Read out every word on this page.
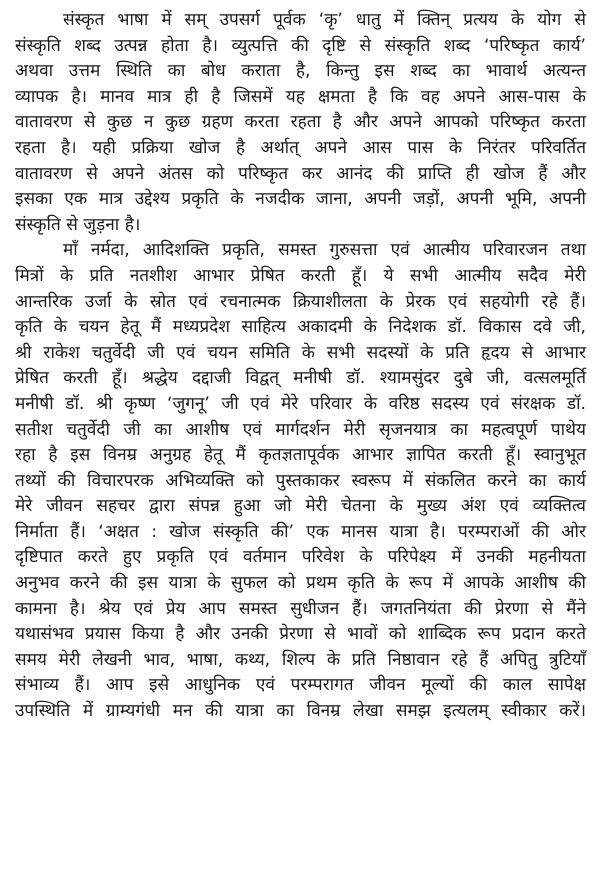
संस्कृत भाषा में सम् उपसर्ग पूर्वक ‘कृ’ धातु में क्तिन् प्रत्यय के योग से
संस्कृति शब्द उत्पन्न होता है। व्युत्पत्ति की दृष्टि से संस्कृति शब्द ‘परिष्कृत कार्य’
अथवा उत्तम स्थिति का बोध कराता है, किन्तु इस शब्द का भावार्थ अत्यन्त
व्यापक है। मानव मात्र ही है जिसमें यह क्षमता है कि वह अपने आस-पास के
वातावरण से कुछ न कुछ ग्रहण करता रहता है और अपने आपको परिष्कृत करता
रहता है। यही प्रक्रिया खोज है अर्थात् अपने आस पास के निरंतर परिवर्तित
वातावरण से अपने अंतस को परिष्कृत कर आनंद की प्राप्ति ही खोज हैं और
इसका एक मात्र उद्देश्य प्रकृति के नजदीक जाना, अपनी जड़ों, अपनी भूमि, अपनी
संस्कृति से जुड़ना है।
माँ नर्मदा, आदिशक्ति प्रकृति, समस्त गुरुसत्ता एवं आत्मीय परिवारजन तथा
मित्रों के प्रति नतशीश आभार प्रेषित करती हूँ। ये सभी आत्मीय सदैव मेरी
आन्तरिक उर्जा के स्रोत एवं रचनात्मक क्रियाशीलता के प्रेरक एवं सहयोगी रहे हैं।
कृति के चयन हेतू मैं मध्यप्रदेश साहित्य अकादमी के निदेशक डॉ. विकास दवे जी,
श्री राकेश चतुर्वेदी जी एवं चयन समिति के सभी सदस्यों के प्रति हृदय से आभार
प्रेषित करती हूँ। श्रद्धेय दद्दाजी विद्वत् मनीषी डॉ. श्यामसुंदर दुबे जी, वत्सलमूर्ति
मनीषी डॉ. श्री कृष्ण ‘जुगनू’ जी एवं मेरे परिवार के वरिष्ठ सदस्य एवं संरक्षक डॉ.
सतीश चतुर्वेदी जी का आशीष एवं मार्गदर्शन मेरी सृजनयात्र का महत्वपूर्ण पाथेय
रहा है इस विनम्र अनुग्रह हेतू मैं कृतज्ञतापूर्वक आभार ज्ञापित करती हूँ। स्वानुभूत
तथ्यों की विचारपरक अभिव्यक्ति को पुस्तकाकर स्वरूप में संकलित करने का कार्य
मेरे जीवन सहचर द्वारा संपन्न हुआ जो मेरी चेतना के मुख्य अंश एवं व्यक्तित्व
निर्माता हैं। ‘अक्षत : खोज संस्कृति की’ एक मानस यात्रा है। परम्पराओं की ओर
दृष्टिपात करते हुए प्रकृति एवं वर्तमान परिवेश के परिपेक्ष्य में उनकी महनीयता
अनुभव करने की इस यात्रा के सुफल को प्रथम कृति के रूप में आपके आशीष की
कामना है। श्रेय एवं प्रेय आप समस्त सुधीजन हैं। जगतनियंता की प्रेरणा से मैंने
यथासंभव प्रयास किया है और उनकी प्रेरणा से भावों को शाब्दिक रूप प्रदान करते
समय मेरी लेखनी भाव, भाषा, कथ्य, शिल्प के प्रति निष्ठावान रहे हैं अपितु त्रुटियाँ
संभाव्य हैं। आप इसे आधुनिक एवं परम्परागत जीवन मूल्यों की काल सापेक्ष
उपस्थिति में ग्राम्यगंधी मन की यात्रा का विनम्र लेखा समझ इत्यलम् स्वीकार करें।
